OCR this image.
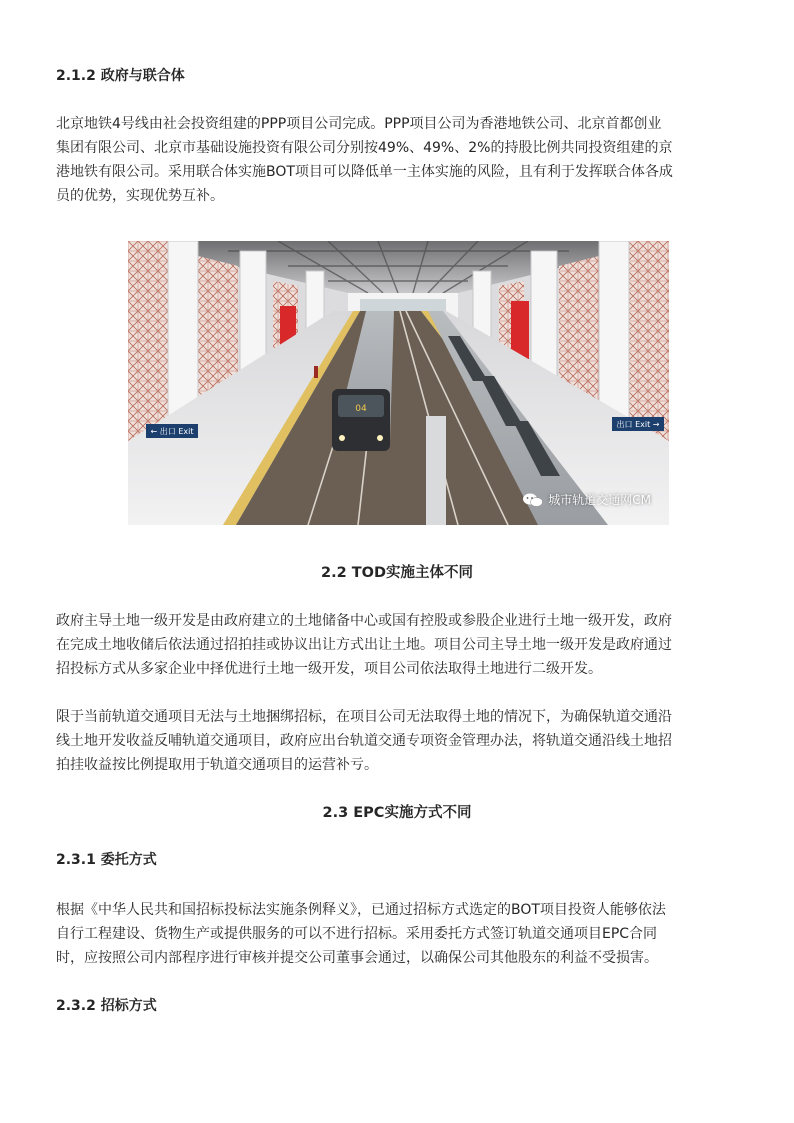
2.1.2 政府与联合体

北京地铁4号线由社会投资组建的PPP项目公司完成。PPP项目公司为香港地铁公司、北京首都创业
集团有限公司、北京市基础设施投资有限公司分别按49%、49%、2%的持股比例共同投资组建的京
港地铁有限公司。采用联合体实施BOT项目可以降低单一主体实施的风险，且有利于发挥联合体各成
员的优势，实现优势互补。

04
← 出口 Exit
出口 Exit →
城市轨道交通网CM
2.2 TOD实施主体不同

政府主导土地一级开发是由政府建立的土地储备中心或国有控股或参股企业进行土地一级开发，政府
在完成土地收储后依法通过招拍挂或协议出让方式出让土地。项目公司主导土地一级开发是政府通过
招投标方式从多家企业中择优进行土地一级开发，项目公司依法取得土地进行二级开发。

限于当前轨道交通项目无法与土地捆绑招标，在项目公司无法取得土地的情况下，为确保轨道交通沿
线土地开发收益反哺轨道交通项目，政府应出台轨道交通专项资金管理办法，将轨道交通沿线土地招
拍挂收益按比例提取用于轨道交通项目的运营补亏。

2.3 EPC实施方式不同
2.3.1 委托方式

根据《中华人民共和国招标投标法实施条例释义》，已通过招标方式选定的BOT项目投资人能够依法
自行工程建设、货物生产或提供服务的可以不进行招标。采用委托方式签订轨道交通项目EPC合同
时，应按照公司内部程序进行审核并提交公司董事会通过，以确保公司其他股东的利益不受损害。

2.3.2 招标方式
